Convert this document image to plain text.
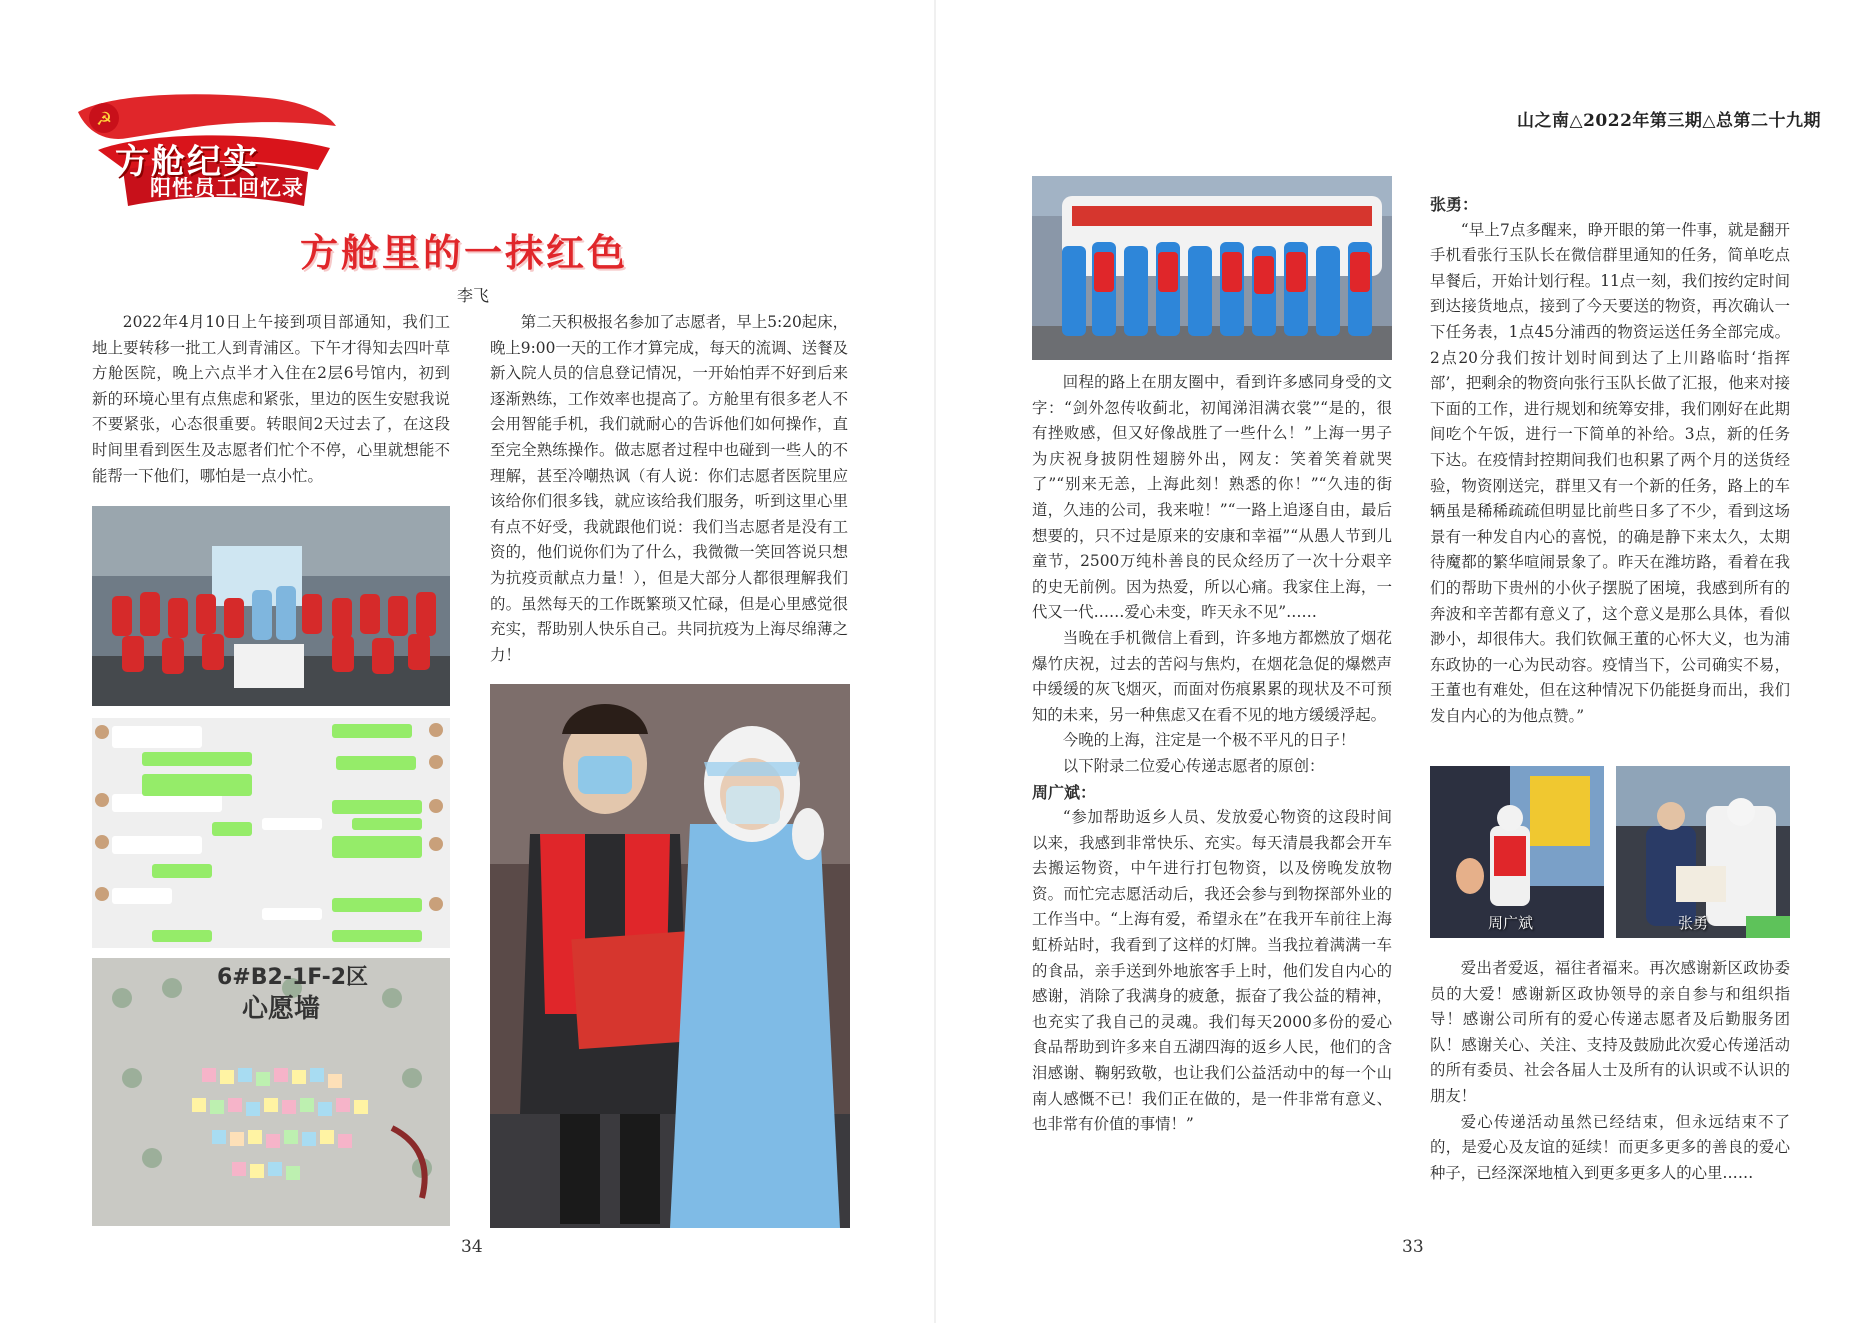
☭
方舱纪实
阳性员工回忆录
方舱里的一抹红色
李飞

2022年4月10日上午接到项目部通知，我们工地上要转移一批工人到青浦区。下午才得知去四叶草方舱医院，晚上六点半才入住在2层6号馆内，初到新的环境心里有点焦虑和紧张，里边的医生安慰我说不要紧张，心态很重要。转眼间2天过去了，在这段时间里看到医生及志愿者们忙个不停，心里就想能不能帮一下他们，哪怕是一点小忙。

第二天积极报名参加了志愿者，早上5:20起床，晚上9:00一天的工作才算完成，每天的流调、送餐及新入院人员的信息登记情况，一开始怕弄不好到后来逐渐熟练，工作效率也提高了。方舱里有很多老人不会用智能手机，我们就耐心的告诉他们如何操作，直至完全熟练操作。做志愿者过程中也碰到一些人的不理解，甚至冷嘲热讽（有人说：你们志愿者医院里应该给你们很多钱，就应该给我们服务，听到这里心里有点不好受，我就跟他们说：我们当志愿者是没有工资的，他们说你们为了什么，我微微一笑回答说只想为抗疫贡献点力量！），但是大部分人都很理解我们的。虽然每天的工作既繁琐又忙碌，但是心里感觉很充实，帮助别人快乐自己。共同抗疫为上海尽绵薄之力！

6#B2-1F-2区
心愿墙
34
山之南△2022年第三期△总第二十九期

回程的路上在朋友圈中，看到许多感同身受的文字：“剑外忽传收蓟北，初闻涕泪满衣裳”“是的，很有挫败感，但又好像战胜了一些什么！”上海一男子为庆祝身披阴性翅膀外出，网友：笑着笑着就哭了”“别来无恙，上海此刻！熟悉的你！”“久违的街道，久违的公司，我来啦！”“一路上追逐自由，最后想要的，只不过是原来的安康和幸福”“从愚人节到儿童节，2500万纯朴善良的民众经历了一次十分艰辛的史无前例。因为热爱，所以心痛。我家住上海，一代又一代……爱心未变，昨天永不见”……

当晚在手机微信上看到，许多地方都燃放了烟花爆竹庆祝，过去的苦闷与焦灼，在烟花急促的爆燃声中缓缓的灰飞烟灭，而面对伤痕累累的现状及不可预知的未来，另一种焦虑又在看不见的地方缓缓浮起。

今晚的上海，注定是一个极不平凡的日子！

以下附录二位爱心传递志愿者的原创：

周广斌：

“参加帮助返乡人员、发放爱心物资的这段时间以来，我感到非常快乐、充实。每天清晨我都会开车去搬运物资，中午进行打包物资，以及傍晚发放物资。而忙完志愿活动后，我还会参与到物探部外业的工作当中。“上海有爱，希望永在”在我开车前往上海虹桥站时，我看到了这样的灯牌。当我拉着满满一车的食品，亲手送到外地旅客手上时，他们发自内心的感谢，消除了我满身的疲惫，振奋了我公益的精神，也充实了我自己的灵魂。我们每天2000多份的爱心食品帮助到许多来自五湖四海的返乡人民，他们的含泪感谢、鞠躬致敬，也让我们公益活动中的每一个山南人感慨不已！我们正在做的，是一件非常有意义、也非常有价值的事情！”

张勇：

“早上7点多醒来，睁开眼的第一件事，就是翻开手机看张行玉队长在微信群里通知的任务，简单吃点早餐后，开始计划行程。11点一刻，我们按约定时间到达接货地点，接到了今天要送的物资，再次确认一下任务表，1点45分浦西的物资运送任务全部完成。2点20分我们按计划时间到达了上川路临时‘指挥部’，把剩余的物资向张行玉队长做了汇报，他来对接下面的工作，进行规划和统筹安排，我们刚好在此期间吃个午饭，进行一下简单的补给。3点，新的任务下达。在疫情封控期间我们也积累了两个月的送货经验，物资刚送完，群里又有一个新的任务，路上的车辆虽是稀稀疏疏但明显比前些日多了不少，看到这场景有一种发自内心的喜悦，的确是静下来太久，太期待魔都的繁华喧闹景象了。昨天在潍坊路，看着在我们的帮助下贵州的小伙子摆脱了困境，我感到所有的奔波和辛苦都有意义了，这个意义是那么具体，看似渺小，却很伟大。我们钦佩王董的心怀大义，也为浦东政协的一心为民动容。疫情当下，公司确实不易，王董也有难处，但在这种情况下仍能挺身而出，我们发自内心的为他点赞。”

周广斌	张勇

爱出者爱返，福往者福来。再次感谢新区政协委员的大爱！感谢新区政协领导的亲自参与和组织指导！感谢公司所有的爱心传递志愿者及后勤服务团队！感谢关心、关注、支持及鼓励此次爱心传递活动的所有委员、社会各届人士及所有的认识或不认识的朋友！

爱心传递活动虽然已经结束，但永远结束不了的，是爱心及友谊的延续！而更多更多的善良的爱心种子，已经深深地植入到更多更多人的心里……

33
